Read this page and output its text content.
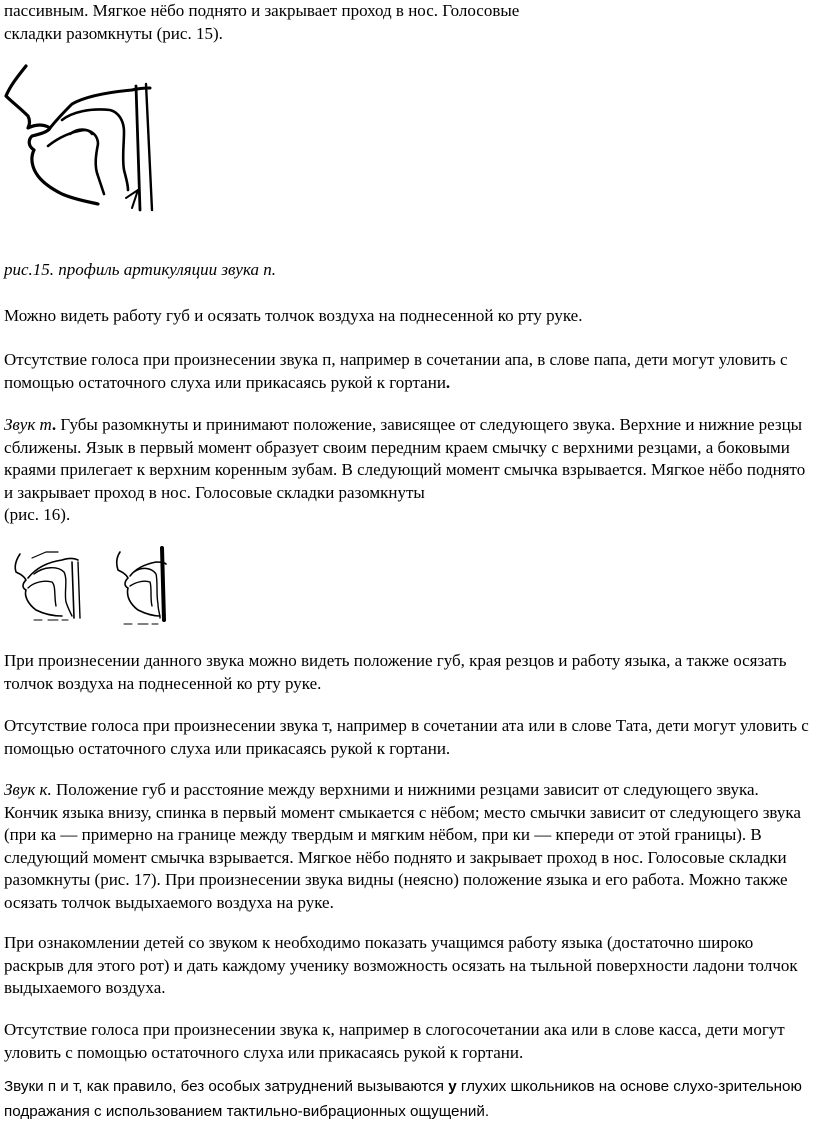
пассивным. Мягкое нёбо поднято и закрывает проход в нос. Голосовые

складки разомкнуты (рис. 15).

рис.15. профиль артикуляции звука п.

Можно видеть работу губ и осязать толчок воздуха на поднесенной ко рту руке.

Отсутствие голоса при произнесении звука п, например в сочетании апа, в слове папа, дети могут уловить с помощью остаточного слуха или прикасаясь рукой к гортани.

Звук т. Губы разомкнуты и принимают положение, зависящее от следующего звука. Верхние и нижние резцы сближены. Язык в первый момент образует своим передним краем смычку с верхними резцами, а боковыми краями прилегает к верхним коренным зубам. В следующий момент смычка взрывается. Мягкое нёбо поднято и закрывает проход в нос. Голосовые складки разомкнуты
(рис. 16).

При произнесении данного звука можно видеть положение губ, края резцов и работу языка, а также осязать толчок воздуха на поднесенной ко рту руке.

Отсутствие голоса при произнесении звука т, например в сочетании ата или в слове Тата, дети могут уловить с помощью остаточного слуха или прикасаясь рукой к гортани.

Звук к. Положение губ и расстояние между верхними и нижними резцами зависит от следующего звука. Кончик языка внизу, спинка в первый момент смыкается с нёбом; место смычки зависит от следующего звука (при ка — примерно на границе между твердым и мягким нёбом, при ки — кпереди от этой границы). В следующий момент смычка взрывается. Мягкое нёбо поднято и закрывает проход в нос. Голосовые складки разомкнуты (рис. 17). При произнесении звука видны (неясно) положение языка и его работа. Можно также осязать толчок выдыхаемого воздуха на руке.

При ознакомлении детей со звуком к необходимо показать учащимся работу языка (достаточно широко раскрыв для этого рот) и дать каждому ученику возможность осязать на тыльной поверхности ладони толчок выдыхаемого воздуха.

Отсутствие голоса при произнесении звука к, например в слогосочетании ака или в слове касса, дети могут уловить с помощью остаточного слуха или прикасаясь рукой к гортани.

Звуки п и т, как правило, без особых затруднений вызываются у глухих школьников на основе слухо-зрительною подражания с использованием тактильно-вибрационных ощущений.
